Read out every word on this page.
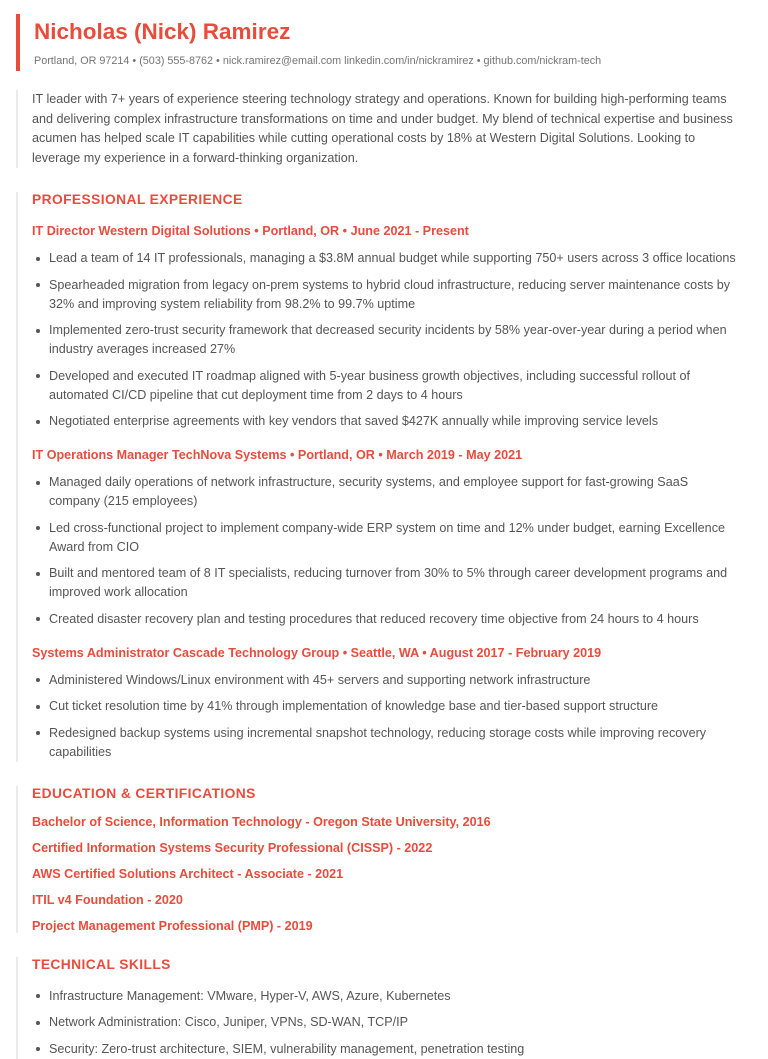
Nicholas (Nick) Ramirez
Portland, OR 97214 • (503) 555-8762 • nick.ramirez@email.com linkedin.com/in/nickramirez • github.com/nickram-tech
IT leader with 7+ years of experience steering technology strategy and operations. Known for building high-performing teams and delivering complex infrastructure transformations on time and under budget. My blend of technical expertise and business acumen has helped scale IT capabilities while cutting operational costs by 18% at Western Digital Solutions. Looking to leverage my experience in a forward-thinking organization.
PROFESSIONAL EXPERIENCE
IT Director Western Digital Solutions • Portland, OR • June 2021 - Present
Lead a team of 14 IT professionals, managing a $3.8M annual budget while supporting 750+ users across 3 office locations
Spearheaded migration from legacy on-prem systems to hybrid cloud infrastructure, reducing server maintenance costs by 32% and improving system reliability from 98.2% to 99.7% uptime
Implemented zero-trust security framework that decreased security incidents by 58% year-over-year during a period when industry averages increased 27%
Developed and executed IT roadmap aligned with 5-year business growth objectives, including successful rollout of automated CI/CD pipeline that cut deployment time from 2 days to 4 hours
Negotiated enterprise agreements with key vendors that saved $427K annually while improving service levels
IT Operations Manager TechNova Systems • Portland, OR • March 2019 - May 2021
Managed daily operations of network infrastructure, security systems, and employee support for fast-growing SaaS company (215 employees)
Led cross-functional project to implement company-wide ERP system on time and 12% under budget, earning Excellence Award from CIO
Built and mentored team of 8 IT specialists, reducing turnover from 30% to 5% through career development programs and improved work allocation
Created disaster recovery plan and testing procedures that reduced recovery time objective from 24 hours to 4 hours
Systems Administrator Cascade Technology Group • Seattle, WA • August 2017 - February 2019
Administered Windows/Linux environment with 45+ servers and supporting network infrastructure
Cut ticket resolution time by 41% through implementation of knowledge base and tier-based support structure
Redesigned backup systems using incremental snapshot technology, reducing storage costs while improving recovery capabilities
EDUCATION & CERTIFICATIONS
Bachelor of Science, Information Technology - Oregon State University, 2016
Certified Information Systems Security Professional (CISSP) - 2022
AWS Certified Solutions Architect - Associate - 2021
ITIL v4 Foundation - 2020
Project Management Professional (PMP) - 2019
TECHNICAL SKILLS
Infrastructure Management: VMware, Hyper-V, AWS, Azure, Kubernetes
Network Administration: Cisco, Juniper, VPNs, SD-WAN, TCP/IP
Security: Zero-trust architecture, SIEM, vulnerability management, penetration testing
